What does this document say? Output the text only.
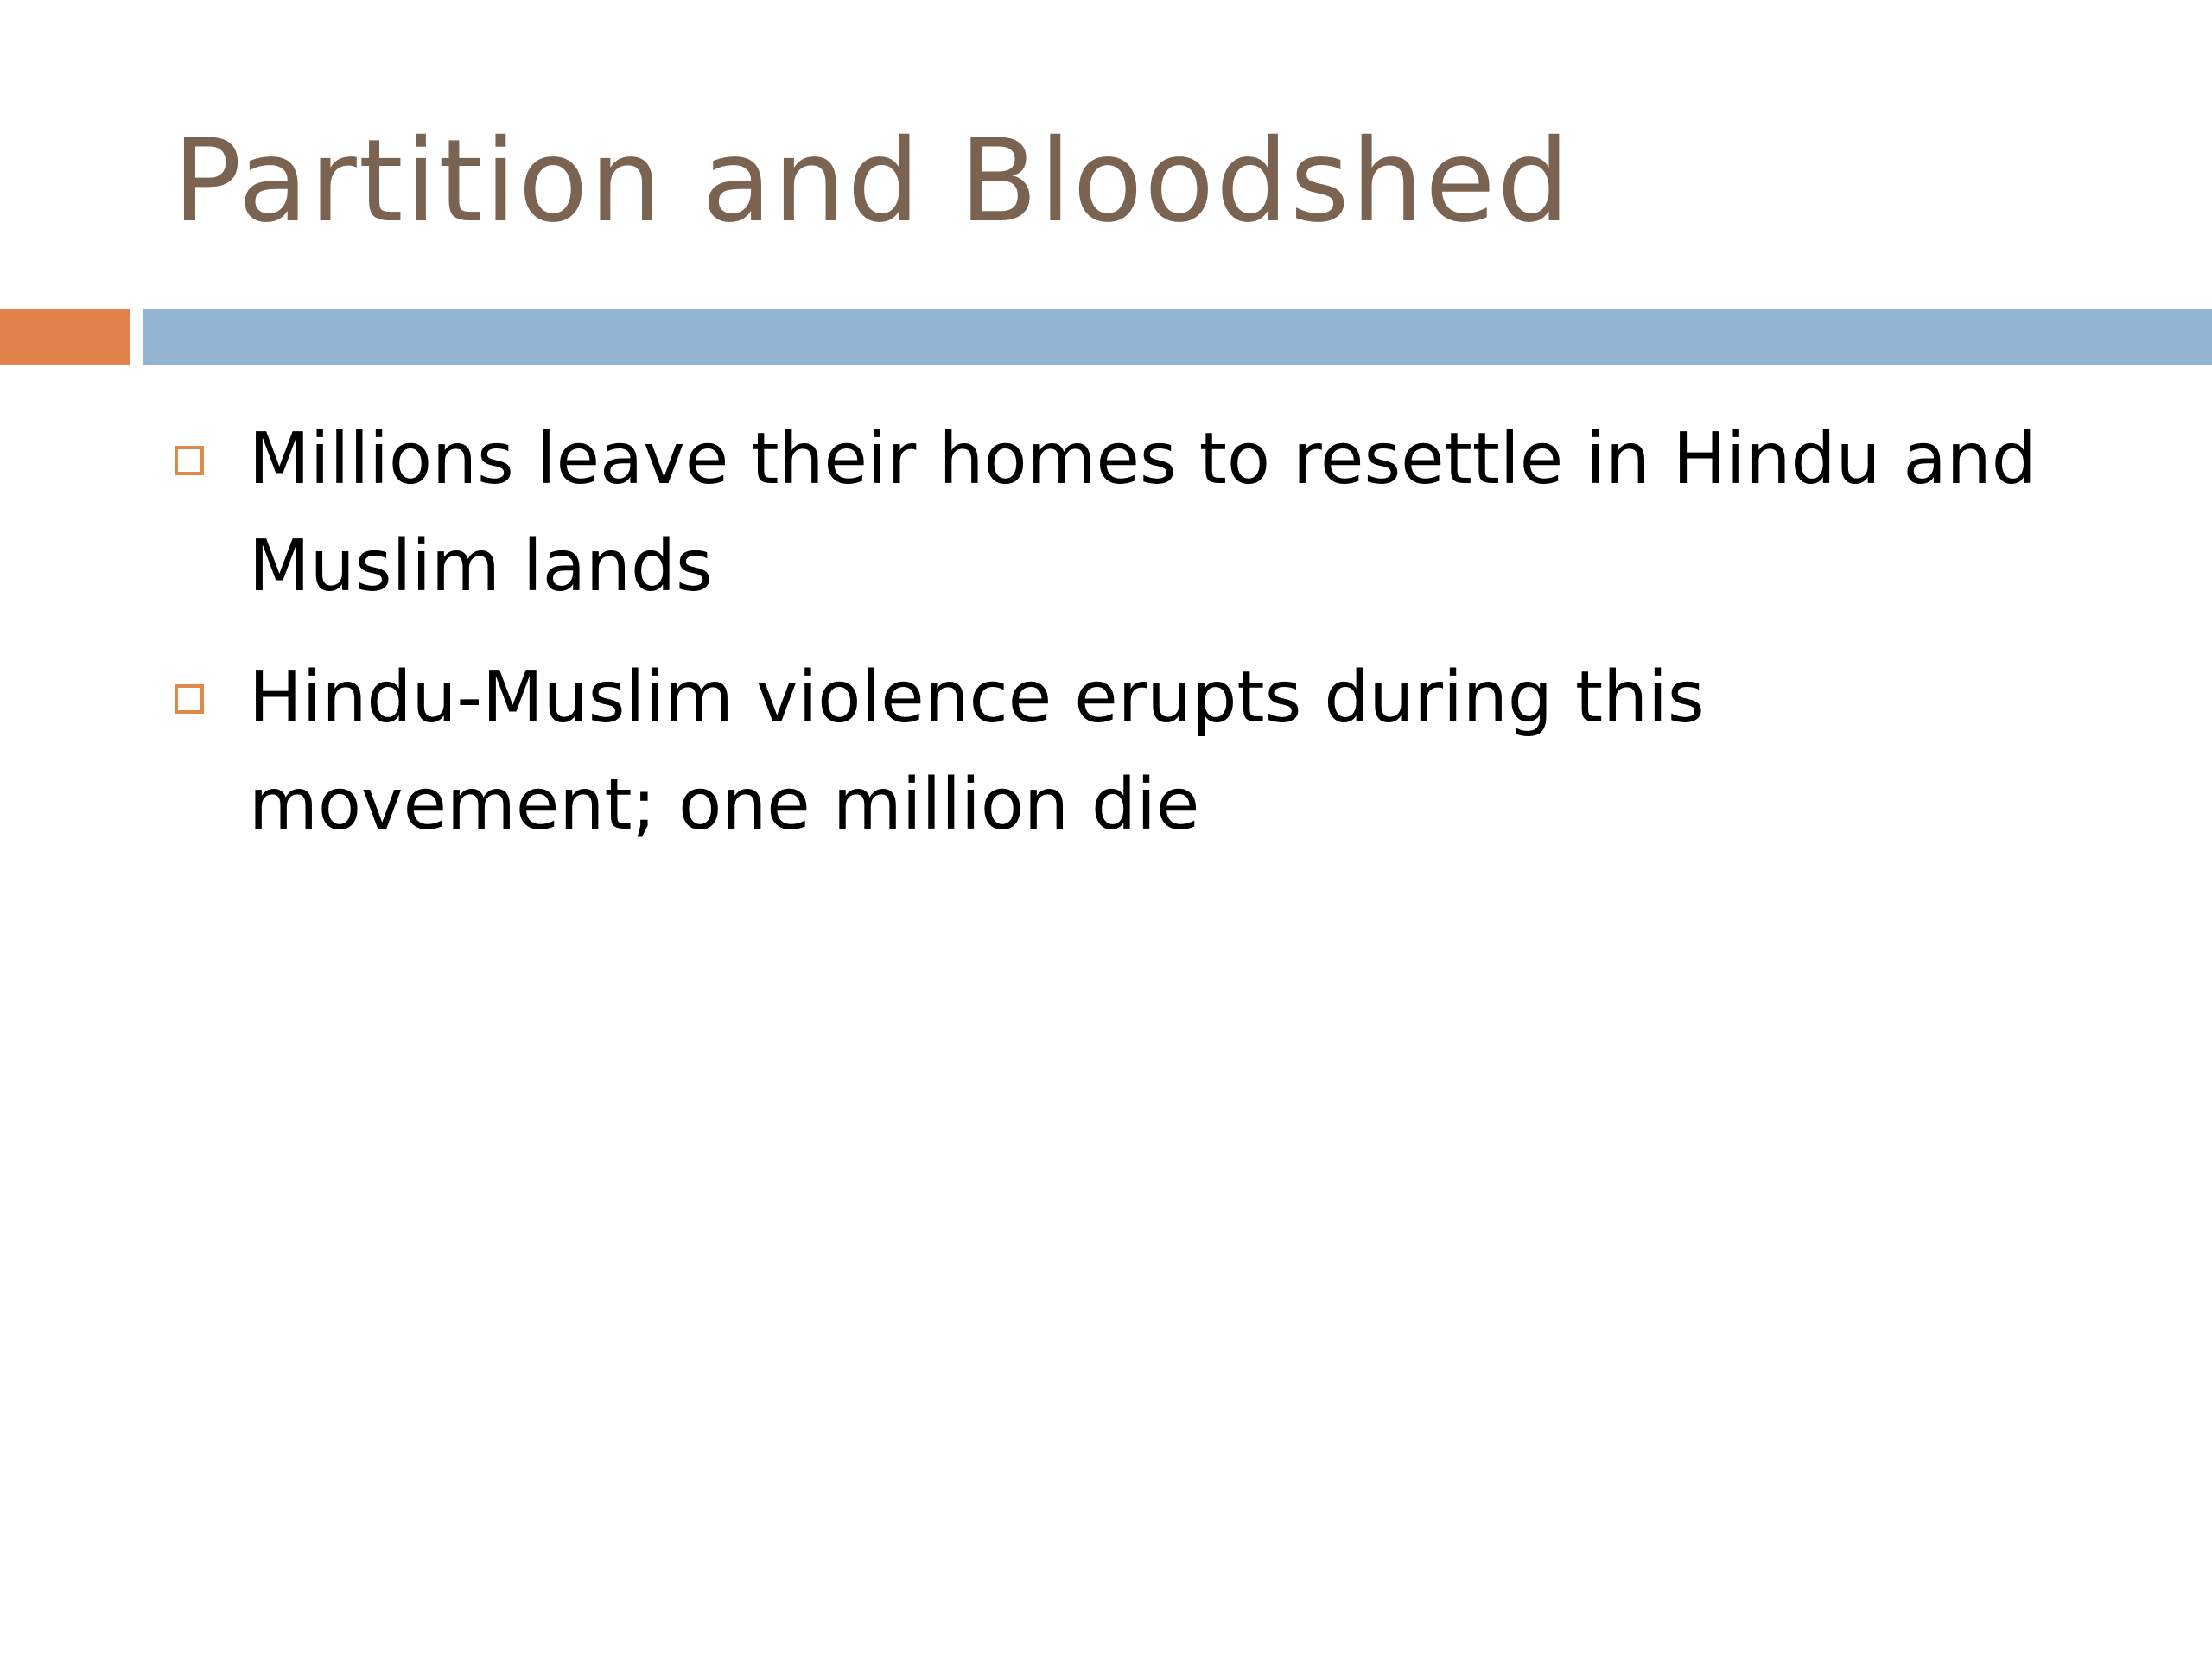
Partition and Bloodshed
Millions leave their homes to resettle in Hindu and Muslim lands
Hindu-Muslim violence erupts during this movement; one million die
